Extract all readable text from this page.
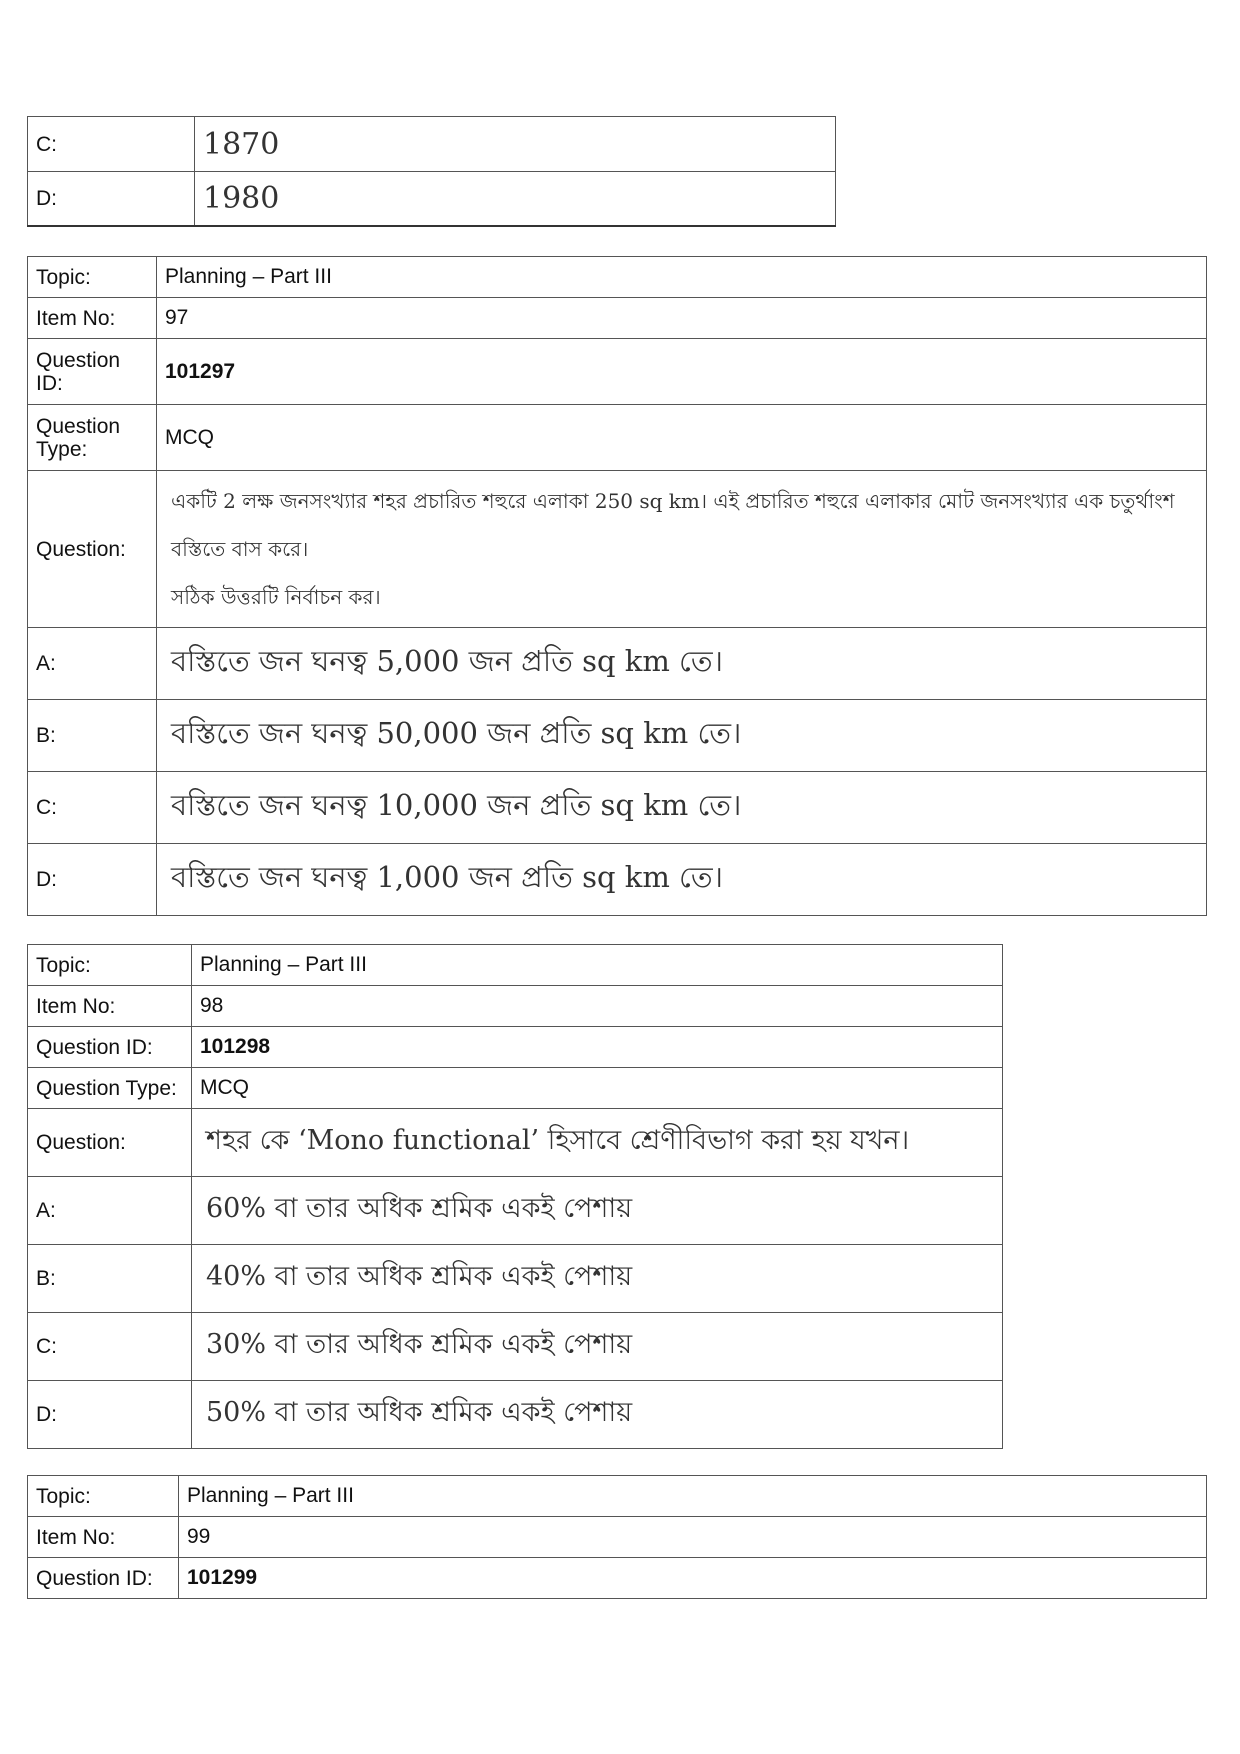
C:	1870
D:	1980
Topic:	Planning – Part III
Item No:	97
Question ID:	101297
Question Type:	MCQ
Question:	একটি 2 লক্ষ জনসংখ্যার শহর প্রচারিত শহুরে এলাকা 250 sq km। এই প্রচারিত শহুরে এলাকার মোট জনসংখ্যার এক চতুর্থাংশ বস্তিতে বাস করে।
সঠিক উত্তরটি নির্বাচন কর।

A:	বস্তিতে জন ঘনত্ব 5,000 জন প্রতি sq km তে।
B:	বস্তিতে জন ঘনত্ব 50,000 জন প্রতি sq km তে।
C:	বস্তিতে জন ঘনত্ব 10,000 জন প্রতি sq km তে।
D:	বস্তিতে জন ঘনত্ব 1,000 জন প্রতি sq km তে।
Topic:	Planning – Part III
Item No:	98
Question ID:	101298
Question Type:	MCQ
Question:	শহর কে ‘Mono functional’ হিসাবে শ্রেণীবিভাগ করা হয় যখন।
A:	60% বা তার অধিক শ্রমিক একই পেশায়
B:	40% বা তার অধিক শ্রমিক একই পেশায়
C:	30% বা তার অধিক শ্রমিক একই পেশায়
D:	50% বা তার অধিক শ্রমিক একই পেশায়
Topic:	Planning – Part III
Item No:	99
Question ID:	101299
